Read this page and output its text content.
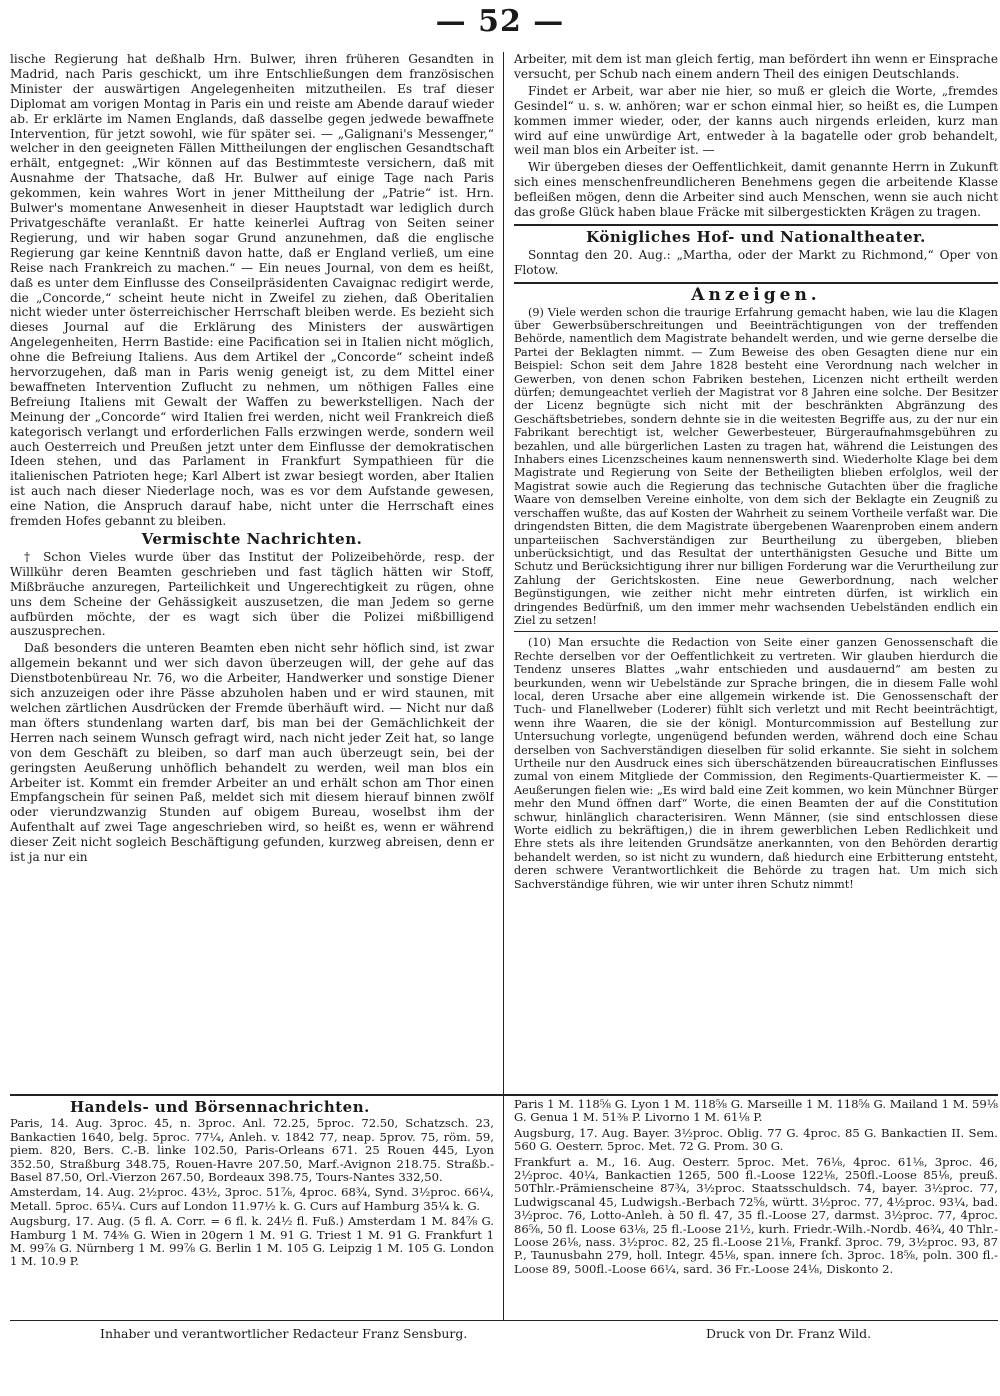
— 52 —

lische Regierung hat deßhalb Hrn. Bulwer, ihren früheren Gesandten in Madrid, nach Paris geschickt, um ihre Entschließungen dem französischen Minister der auswärtigen Angelegenheiten mitzutheilen. Es traf dieser Diplomat am vorigen Montag in Paris ein und reiste am Abende darauf wieder ab. Er erklärte im Namen Englands, daß dasselbe gegen jedwede bewaffnete Intervention, für jetzt sowohl, wie für später sei. — „Galignani's Messenger,“ welcher in den geeigneten Fällen Mittheilungen der englischen Gesandtschaft erhält, entgegnet: „Wir können auf das Bestimmteste versichern, daß mit Ausnahme der Thatsache, daß Hr. Bulwer auf einige Tage nach Paris gekommen, kein wahres Wort in jener Mittheilung der „Patrie“ ist. Hrn. Bulwer's momentane Anwesenheit in dieser Hauptstadt war lediglich durch Privatgeschäfte veranlaßt. Er hatte keinerlei Auftrag von Seiten seiner Regierung, und wir haben sogar Grund anzunehmen, daß die englische Regierung gar keine Kenntniß davon hatte, daß er England verließ, um eine Reise nach Frankreich zu machen.“ — Ein neues Journal, von dem es heißt, daß es unter dem Einflusse des Conseilpräsidenten Cavaignac redigirt werde, die „Concorde,“ scheint heute nicht in Zweifel zu ziehen, daß Oberitalien nicht wieder unter österreichischer Herrschaft bleiben werde. Es bezieht sich dieses Journal auf die Erklärung des Ministers der auswärtigen Angelegenheiten, Herrn Bastide: eine Pacification sei in Italien nicht möglich, ohne die Befreiung Italiens. Aus dem Artikel der „Concorde“ scheint indeß hervorzugehen, daß man in Paris wenig geneigt ist, zu dem Mittel einer bewaffneten Intervention Zuflucht zu nehmen, um nöthigen Falles eine Befreiung Italiens mit Gewalt der Waffen zu bewerkstelligen. Nach der Meinung der „Concorde“ wird Italien frei werden, nicht weil Frankreich dieß kategorisch verlangt und erforderlichen Falls erzwingen werde, sondern weil auch Oesterreich und Preußen jetzt unter dem Einflusse der demokratischen Ideen stehen, und das Parlament in Frankfurt Sympathieen für die italienischen Patrioten hege; Karl Albert ist zwar besiegt worden, aber Italien ist auch nach dieser Niederlage noch, was es vor dem Aufstande gewesen, eine Nation, die Anspruch darauf habe, nicht unter die Herrschaft eines fremden Hofes gebannt zu bleiben.

Vermischte Nachrichten.

† Schon Vieles wurde über das Institut der Polizeibehörde, resp. der Willkühr deren Beamten geschrieben und fast täglich hätten wir Stoff, Mißbräuche anzuregen, Parteilichkeit und Ungerechtigkeit zu rügen, ohne uns dem Scheine der Gehässigkeit auszusetzen, die man Jedem so gerne aufbürden möchte, der es wagt sich über die Polizei mißbilligend auszusprechen.

Daß besonders die unteren Beamten eben nicht sehr höflich sind, ist zwar allgemein bekannt und wer sich davon überzeugen will, der gehe auf das Dienstbotenbüreau Nr. 76, wo die Arbeiter, Handwerker und sonstige Diener sich anzuzeigen oder ihre Pässe abzuholen haben und er wird staunen, mit welchen zärtlichen Ausdrücken der Fremde überhäuft wird. — Nicht nur daß man öfters stundenlang warten darf, bis man bei der Gemächlichkeit der Herren nach seinem Wunsch gefragt wird, nach nicht jeder Zeit hat, so lange von dem Geschäft zu bleiben, so darf man auch überzeugt sein, bei der geringsten Aeußerung unhöflich behandelt zu werden, weil man blos ein Arbeiter ist. Kommt ein fremder Arbeiter an und erhält schon am Thor einen Empfangschein für seinen Paß, meldet sich mit diesem hierauf binnen zwölf oder vierundzwanzig Stunden auf obigem Bureau, woselbst ihm der Aufenthalt auf zwei Tage angeschrieben wird, so heißt es, wenn er während dieser Zeit nicht sogleich Beschäftigung gefunden, kurzweg abreisen, denn er ist ja nur ein

Arbeiter, mit dem ist man gleich fertig, man befördert ihn wenn er Einsprache versucht, per Schub nach einem andern Theil des einigen Deutschlands.

Findet er Arbeit, war aber nie hier, so muß er gleich die Worte, „fremdes Gesindel“ u. s. w. anhören; war er schon einmal hier, so heißt es, die Lumpen kommen immer wieder, oder, der kanns auch nirgends erleiden, kurz man wird auf eine unwürdige Art, entweder à la bagatelle oder grob behandelt, weil man blos ein Arbeiter ist. —

Wir übergeben dieses der Oeffentlichkeit, damit genannte Herrn in Zukunft sich eines menschenfreundlicheren Benehmens gegen die arbeitende Klasse befleißen mögen, denn die Arbeiter sind auch Menschen, wenn sie auch nicht das große Glück haben blaue Fräcke mit silbergestickten Krägen zu tragen.

Königliches Hof- und Nationaltheater.

Sonntag den 20. Aug.: „Martha, oder der Markt zu Richmond,“ Oper von Flotow.

Anzeigen.

(9) Viele werden schon die traurige Erfahrung gemacht haben, wie lau die Klagen über Gewerbsüberschreitungen und Beeinträchtigungen von der treffenden Behörde, namentlich dem Magistrate behandelt werden, und wie gerne derselbe die Partei der Beklagten nimmt. — Zum Beweise des oben Gesagten diene nur ein Beispiel: Schon seit dem Jahre 1828 besteht eine Verordnung nach welcher in Gewerben, von denen schon Fabriken bestehen, Licenzen nicht ertheilt werden dürfen; demungeachtet verlieh der Magistrat vor 8 Jahren eine solche. Der Besitzer der Licenz begnügte sich nicht mit der beschränkten Abgränzung des Geschäftsbetriebes, sondern dehnte sie in die weitesten Begriffe aus, zu der nur ein Fabrikant berechtigt ist, welcher Gewerbesteuer, Bürgeraufnahmsgebühren zu bezahlen, und alle bürgerlichen Lasten zu tragen hat, während die Leistungen des Inhabers eines Licenzscheines kaum nennenswerth sind. Wiederholte Klage bei dem Magistrate und Regierung von Seite der Betheiligten blieben erfolglos, weil der Magistrat sowie auch die Regierung das technische Gutachten über die fragliche Waare von demselben Vereine einholte, von dem sich der Beklagte ein Zeugniß zu verschaffen wußte, das auf Kosten der Wahrheit zu seinem Vortheile verfaßt war. Die dringendsten Bitten, die dem Magistrate übergebenen Waarenproben einem andern unparteiischen Sachverständigen zur Beurtheilung zu übergeben, blieben unberücksichtigt, und das Resultat der unterthänigsten Gesuche und Bitte um Schutz und Berücksichtigung ihrer nur billigen Forderung war die Verurtheilung zur Zahlung der Gerichtskosten. Eine neue Gewerbordnung, nach welcher Begünstigungen, wie zeither nicht mehr eintreten dürfen, ist wirklich ein dringendes Bedürfniß, um den immer mehr wachsenden Uebelständen endlich ein Ziel zu setzen!

(10) Man ersuchte die Redaction von Seite einer ganzen Genossenschaft die Rechte derselben vor der Oeffentlichkeit zu vertreten. Wir glauben hierdurch die Tendenz unseres Blattes „wahr entschieden und ausdauernd“ am besten zu beurkunden, wenn wir Uebelstände zur Sprache bringen, die in diesem Falle wohl local, deren Ursache aber eine allgemein wirkende ist. Die Genossenschaft der Tuch- und Flanellweber (Loderer) fühlt sich verletzt und mit Recht beeinträchtigt, wenn ihre Waaren, die sie der königl. Monturcommission auf Bestellung zur Untersuchung vorlegte, ungenügend befunden werden, während doch eine Schau derselben von Sachverständigen dieselben für solid erkannte. Sie sieht in solchem Urtheile nur den Ausdruck eines sich überschätzenden büreaucratischen Einflusses zumal von einem Mitgliede der Commission, den Regiments-Quartiermeister K. — Aeußerungen fielen wie: „Es wird bald eine Zeit kommen, wo kein Münchner Bürger mehr den Mund öffnen darf“ Worte, die einen Beamten der auf die Constitution schwur, hinlänglich characterisiren. Wenn Männer, (sie sind entschlossen diese Worte eidlich zu bekräftigen,) die in ihrem gewerblichen Leben Redlichkeit und Ehre stets als ihre leitenden Grundsätze anerkannten, von den Behörden derartig behandelt werden, so ist nicht zu wundern, daß hiedurch eine Erbitterung entsteht, deren schwere Verantwortlichkeit die Behörde zu tragen hat. Um mich sich Sachverständige führen, wie wir unter ihren Schutz nimmt!

Handels- und Börsennachrichten.

Paris, 14. Aug. 3proc. 45, n. 3proc. Anl. 72.25, 5proc. 72.50, Schatzsch. 23, Bankactien 1640, belg. 5proc. 77¼, Anleh. v. 1842 77, neap. 5prov. 75, röm. 59, piem. 820, Bers. C.-B. linke 102.50, Paris-Orleans 671. 25 Rouen 445, Lyon 352.50, Straßburg 348.75, Rouen-Havre 207.50, Marf.-Avignon 218.75. Straßb.-Basel 87.50, Orl.-Vierzon 267.50, Bordeaux 398.75, Tours-Nantes 332,50.

Amsterdam, 14. Aug. 2½proc. 43½, 3proc. 51⅞, 4proc. 68¾, Synd. 3½proc. 66¼, Metall. 5proc. 65¼. Curs auf London 11.97½ k. G. Curs auf Hamburg 35¼ k. G.

Augsburg, 17. Aug. (5 fl. A. Corr. = 6 fl. k. 24½ fl. Fuß.) Amsterdam 1 M. 84⅞ G. Hamburg 1 M. 74⅜ G. Wien in 20gern 1 M. 91 G. Triest 1 M. 91 G. Frankfurt 1 M. 99⅞ G. Nürnberg 1 M. 99⅞ G. Berlin 1 M. 105 G. Leipzig 1 M. 105 G. London 1 M. 10.9 P.

Paris 1 M. 118⅝ G. Lyon 1 M. 118⅝ G. Marseille 1 M. 118⅝ G. Mailand 1 M. 59⅛ G. Genua 1 M. 51⅜ P. Livorno 1 M. 61⅛ P.

Augsburg, 17. Aug. Bayer. 3½proc. Oblig. 77 G. 4proc. 85 G. Bankactien II. Sem. 560 G. Oesterr. 5proc. Met. 72 G. Prom. 30 G.

Frankfurt a. M., 16. Aug. Oesterr. 5proc. Met. 76⅛, 4proc. 61⅛, 3proc. 46, 2½proc. 40¼, Bankactien 1265, 500 fl.-Loose 122⅛, 250fl.-Loose 85⅛, preuß. 50Thlr.-Prämienscheine 87¾, 3½proc. Staatsschuldsch. 74, bayer. 3½proc. 77, Ludwigscanal 45, Ludwigsh.-Berbach 72⅝, württ. 3½proc. 77, 4½proc. 93¼, bad. 3½proc. 76, Lotto-Anleh. à 50 fl. 47, 35 fl.-Loose 27, darmst. 3½proc. 77, 4proc. 86⅝, 50 fl. Loose 63⅛, 25 fl.-Loose 21½, kurh. Friedr.-Wilh.-Nordb. 46¾, 40 Thlr.-Loose 26⅛, nass. 3½proc. 82, 25 fl.-Loose 21⅛, Frankf. 3proc. 79, 3½proc. 93, 87 P., Taunusbahn 279, holl. Integr. 45⅛, span. innere ſch. 3proc. 18⅝, poln. 300 fl.-Loose 89, 500fl.-Loose 66¼, sard. 36 Fr.-Loose 24⅛, Diskonto 2.

Inhaber und verantwortlicher Redacteur Franz Sensburg.	Druck von Dr. Franz Wild.
